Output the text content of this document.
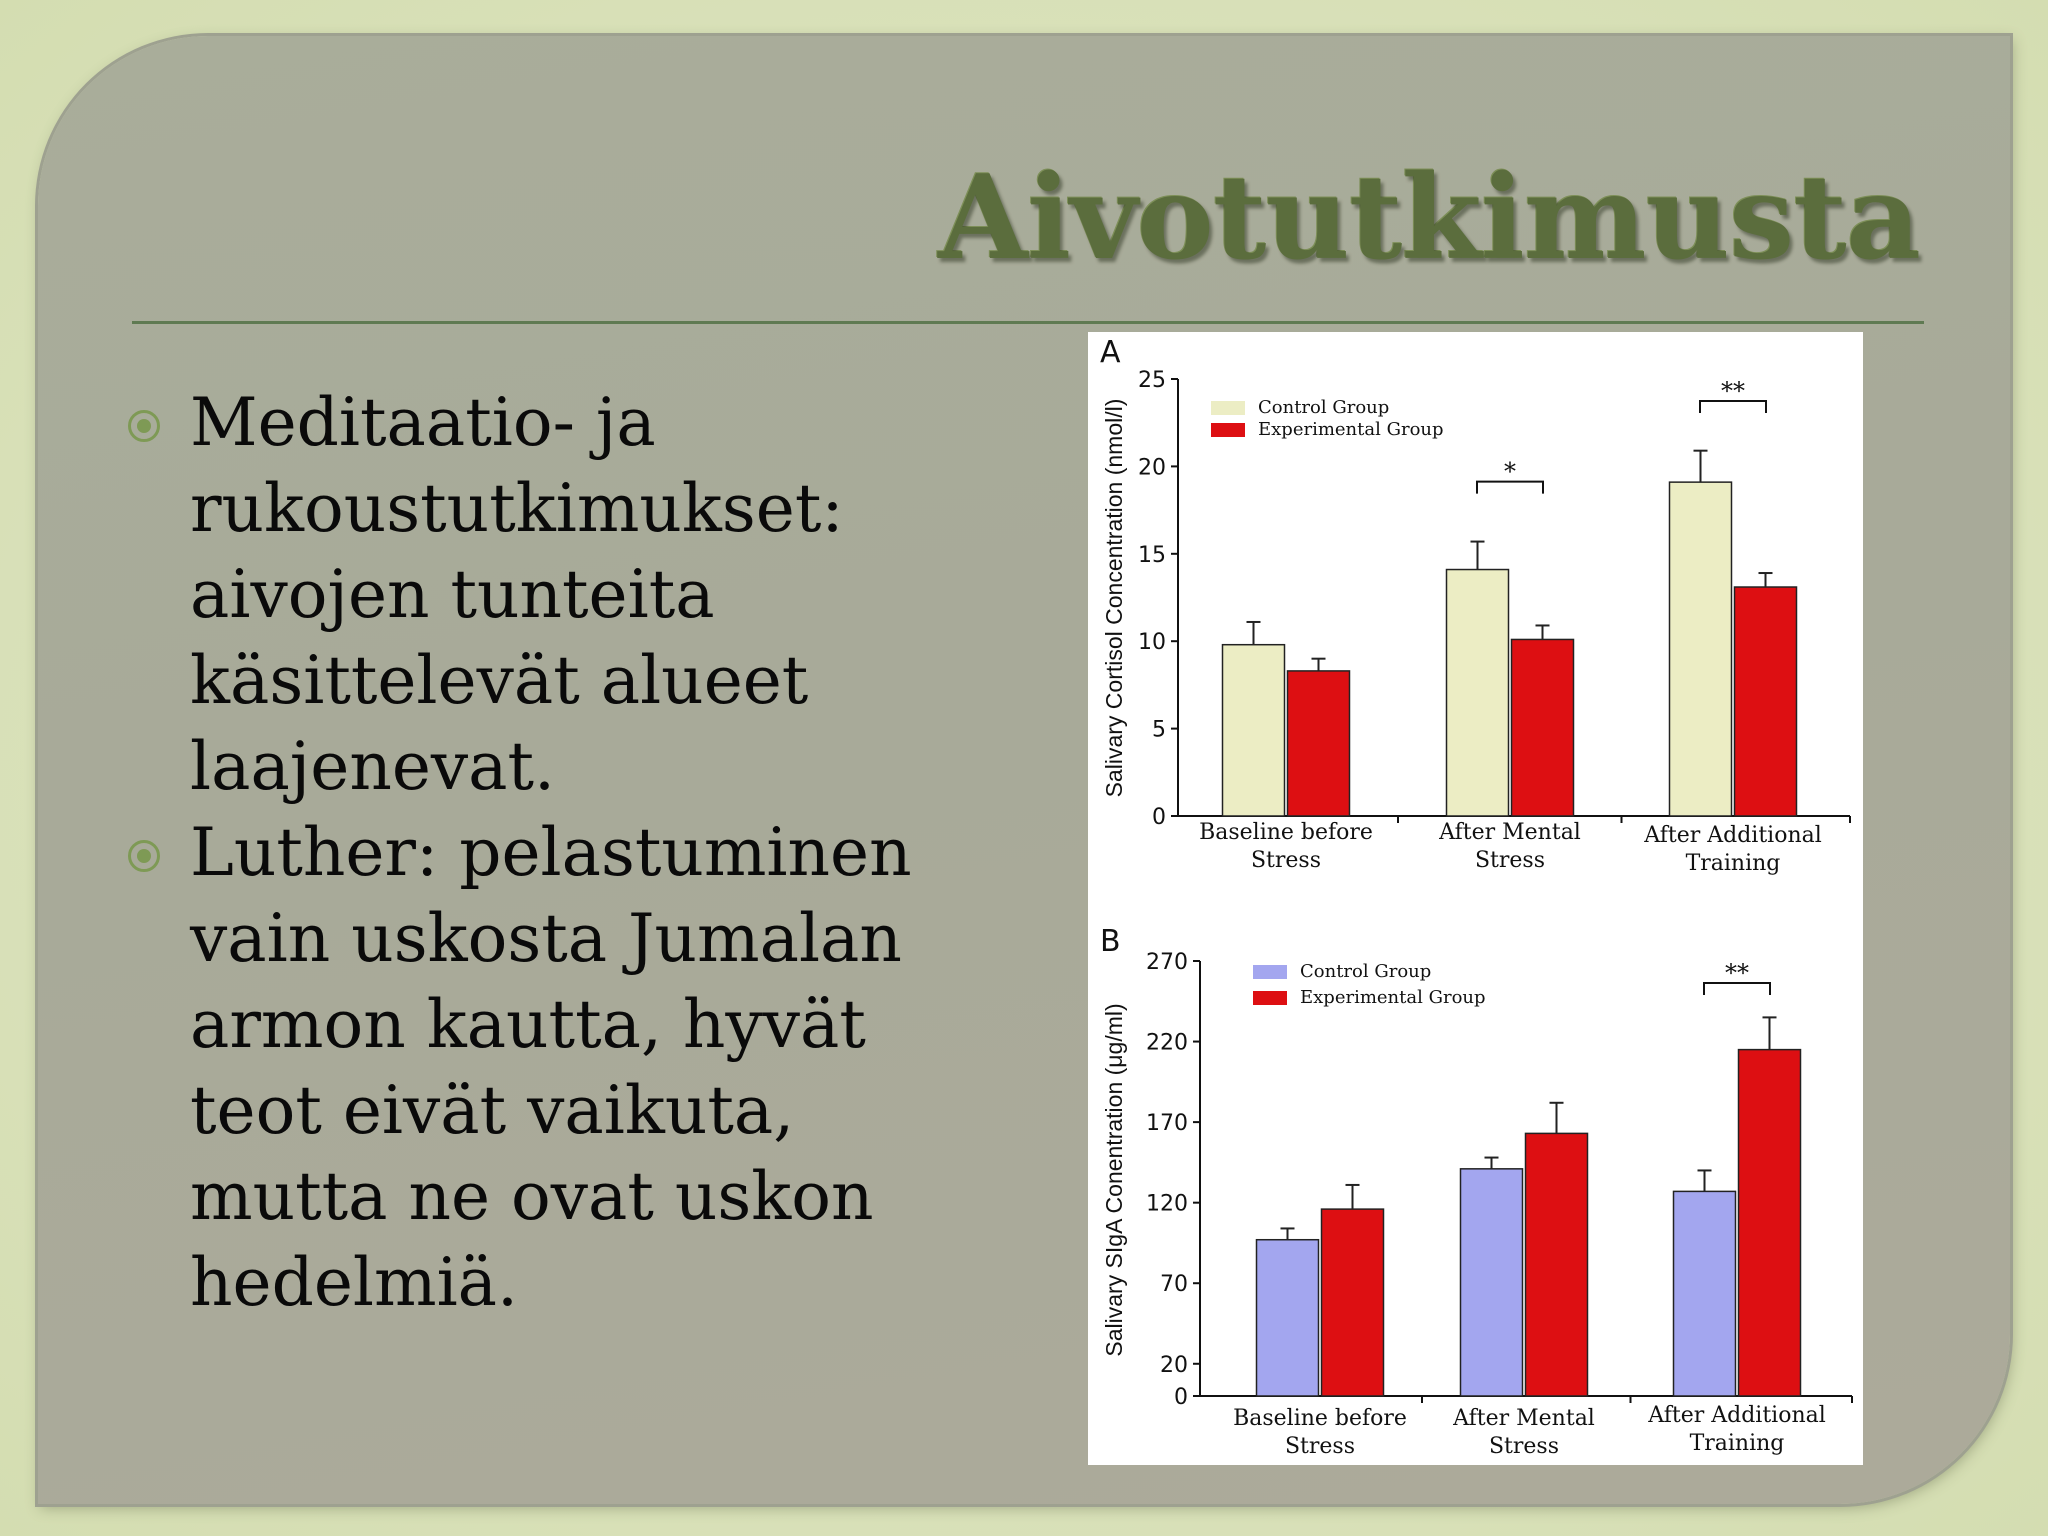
Aivotutkimusta
Meditaatio- ja rukoustutkimukset: aivojen tunteita käsittelevät alueet laajenevat.
Luther: pelastuminen vain uskosta Jumalan armon kautta, hyvät teot eivät vaikuta, mutta ne ovat uskon hedelmiä.
A
0
5
10
15
20
25
Salivary Cortisol Concentration (nmol/l)
Baseline before
Stress
After Mental
Stress
After Additional
Training
*
**
Control Group
Experimental Group
B
0
20
70
120
170
220
270
Salivary SIgA Conentration (μg/ml)
Baseline before
Stress
After Mental
Stress
After Additional
Training
**
Control Group
Experimental Group
